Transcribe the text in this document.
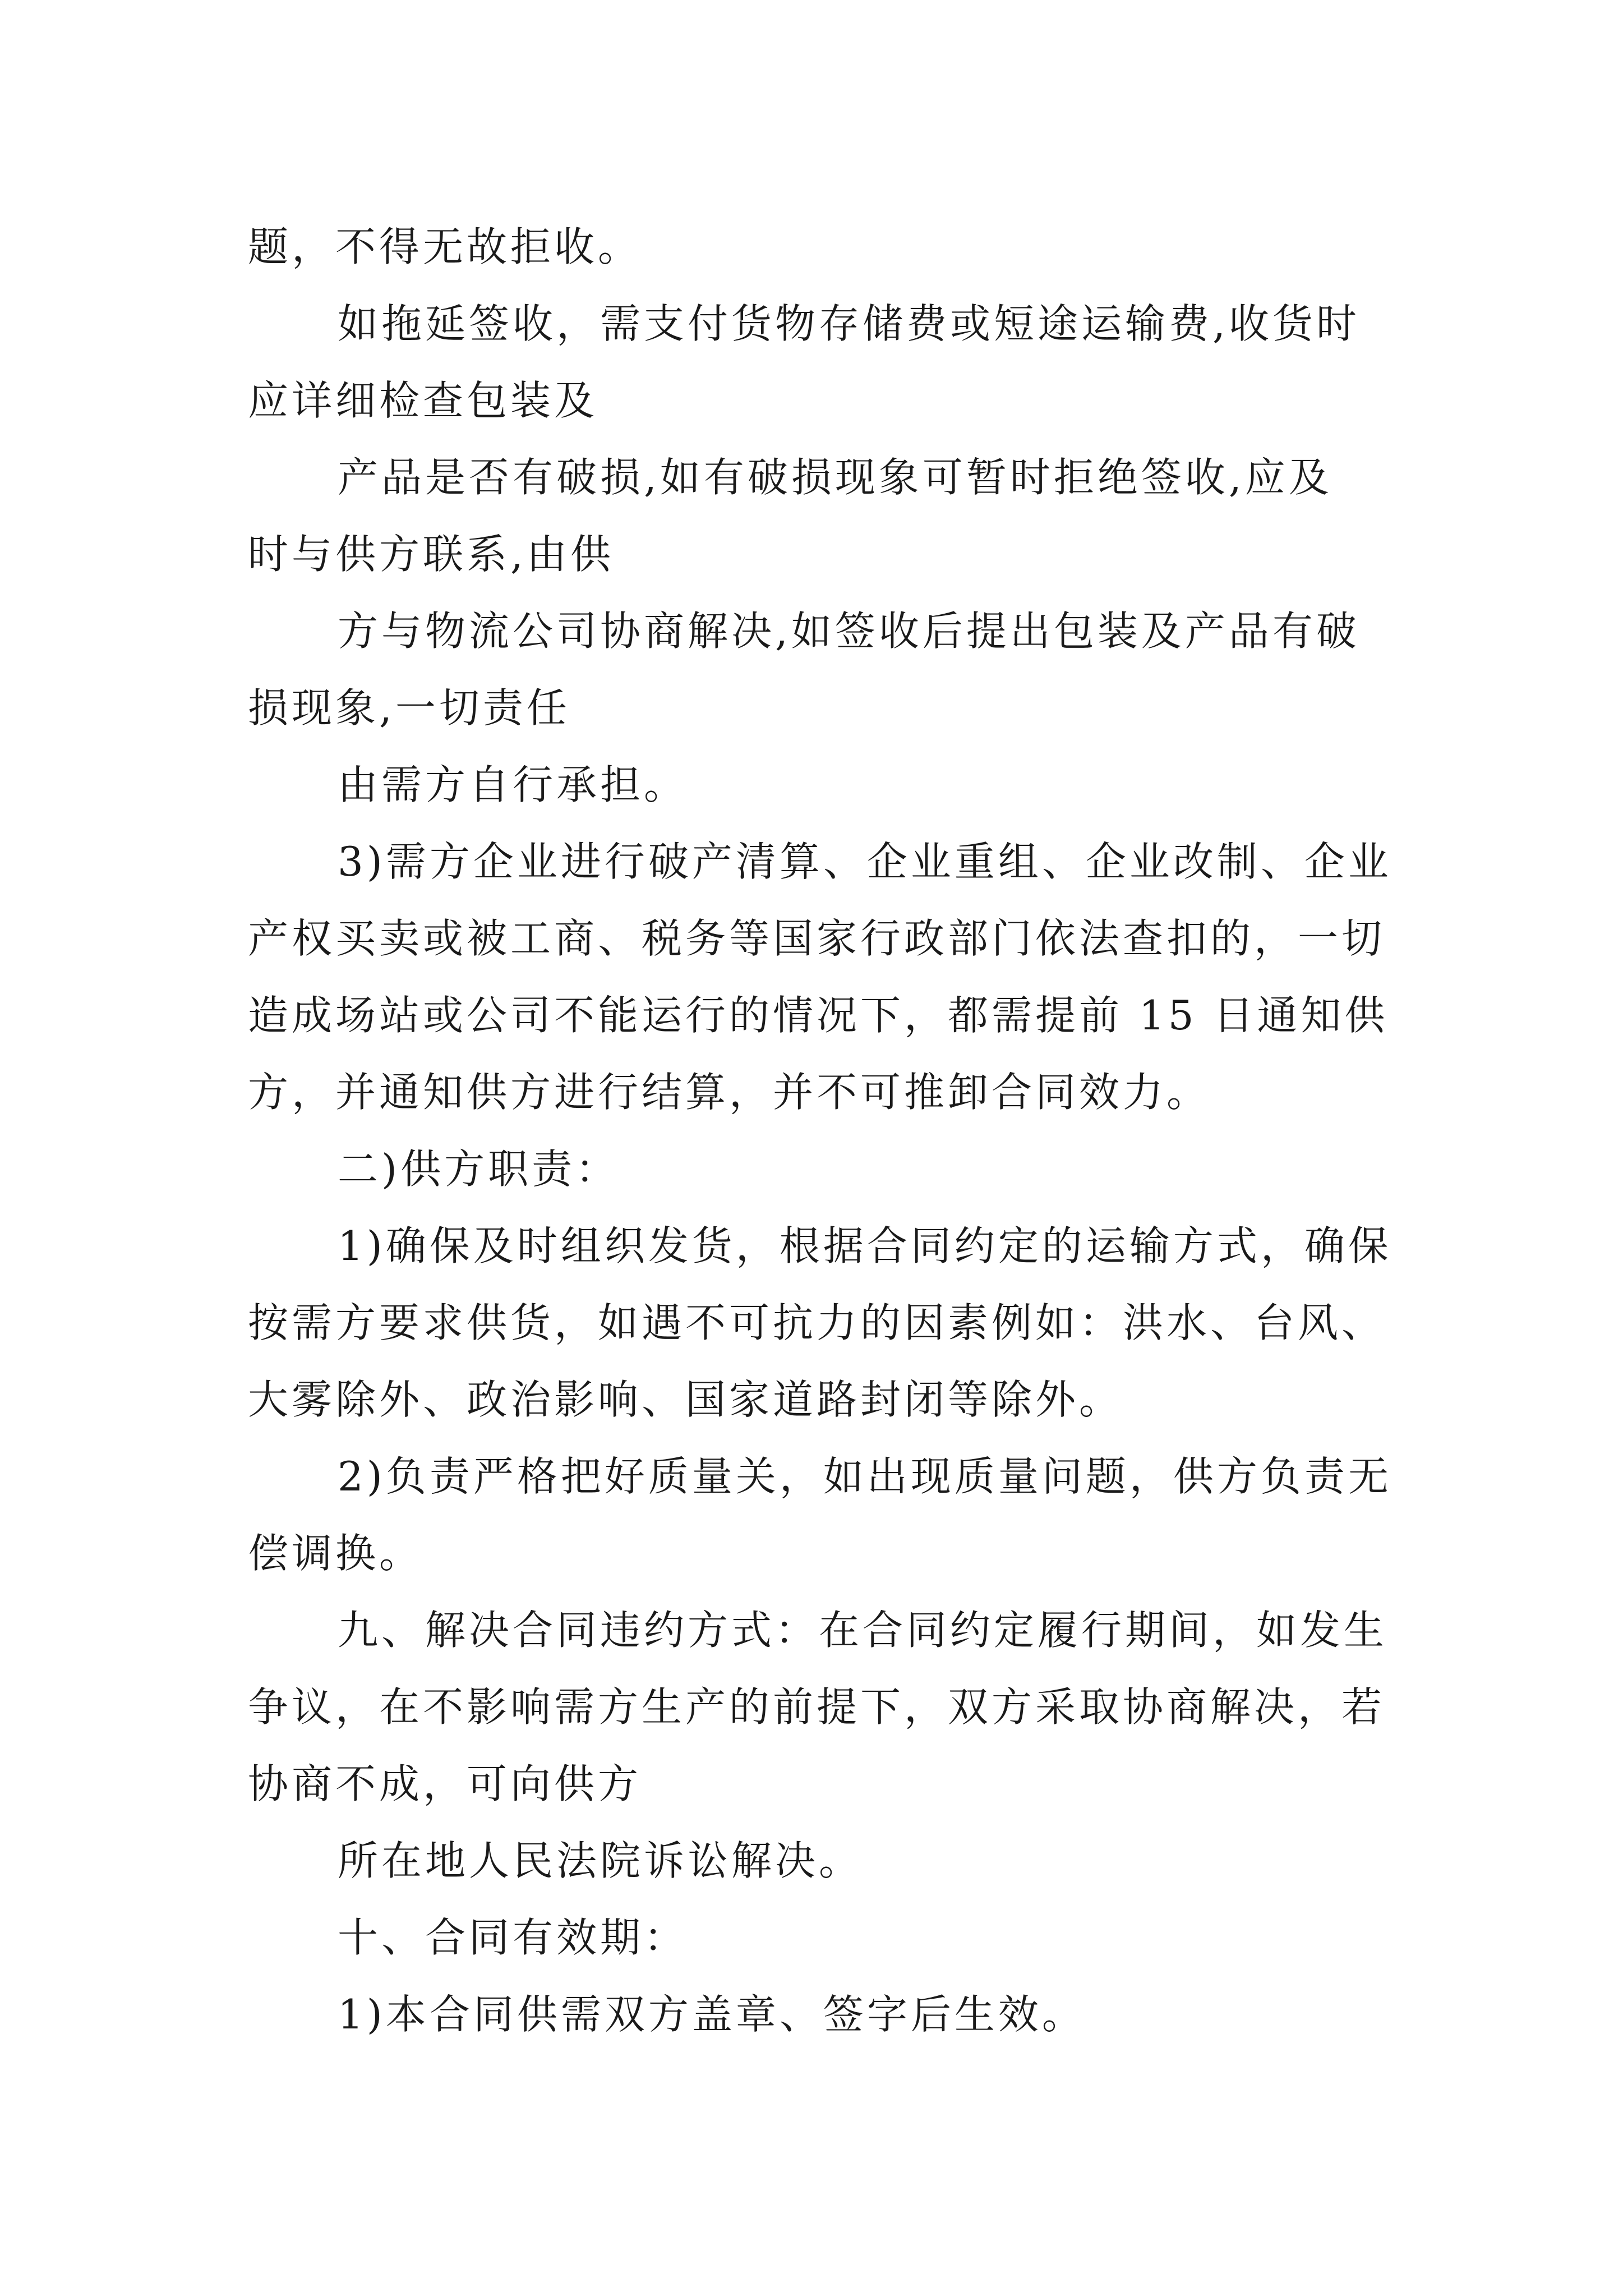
题，不得无故拒收。
如拖延签收，需支付货物存储费或短途运输费,收货时
应详细检查包装及
产品是否有破损,如有破损现象可暂时拒绝签收,应及
时与供方联系,由供
方与物流公司协商解决,如签收后提出包装及产品有破
损现象,一切责任
由需方自行承担。
3)需方企业进行破产清算、企业重组、企业改制、企业
产权买卖或被工商、税务等国家行政部门依法查扣的，一切
造成场站或公司不能运行的情况下，都需提前 15 日通知供
方，并通知供方进行结算，并不可推卸合同效力。
二)供方职责：
1)确保及时组织发货，根据合同约定的运输方式，确保
按需方要求供货，如遇不可抗力的因素例如：洪水、台风、
大雾除外、政治影响、国家道路封闭等除外。
2)负责严格把好质量关，如出现质量问题，供方负责无
偿调换。
九、解决合同违约方式：在合同约定履行期间，如发生
争议，在不影响需方生产的前提下，双方采取协商解决，若
协商不成，可向供方
所在地人民法院诉讼解决。
十、合同有效期：
1)本合同供需双方盖章、签字后生效。
